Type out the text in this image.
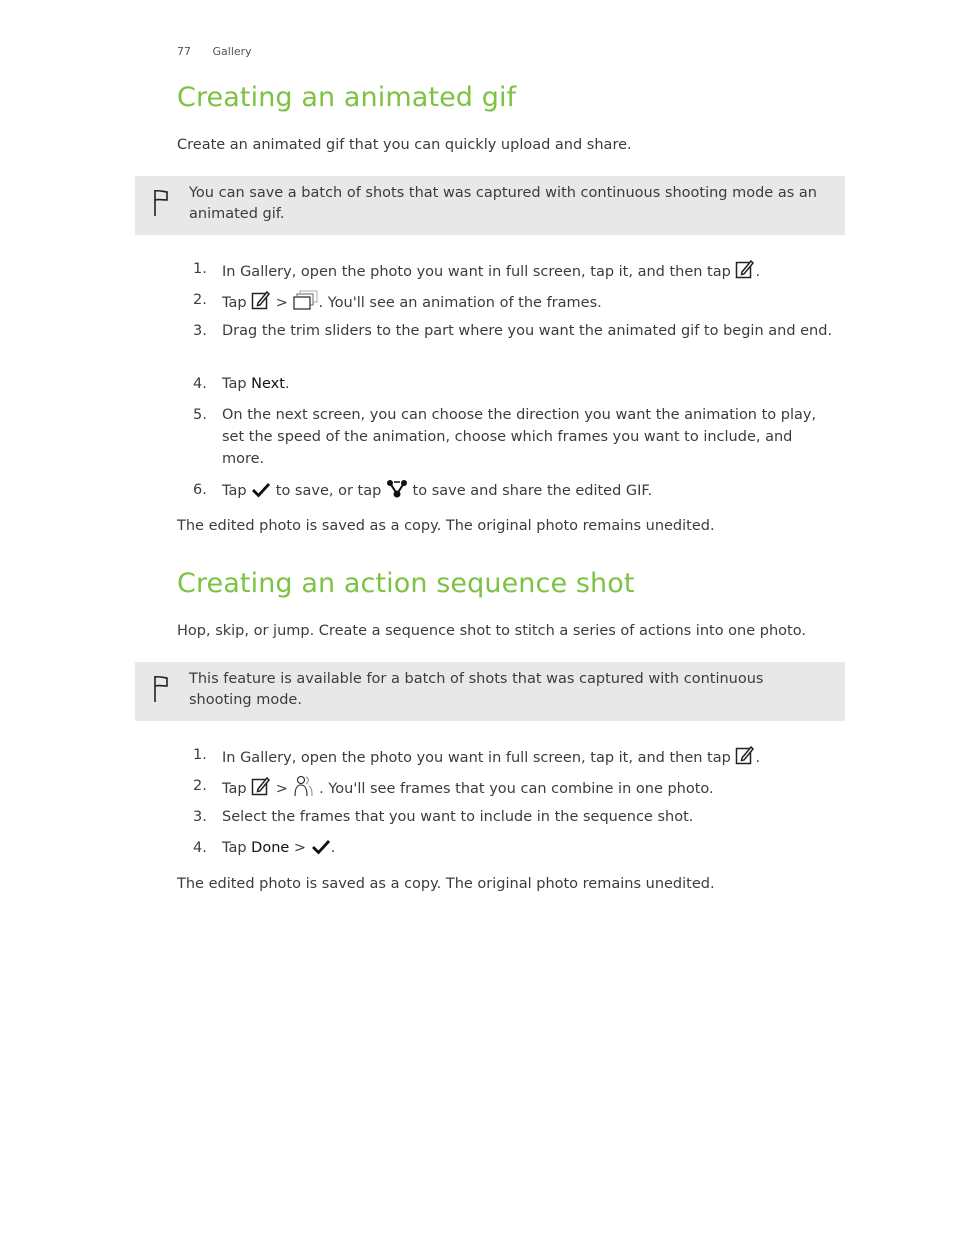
77 Gallery
Creating an animated gif

Create an animated gif that you can quickly upload and share.

You can save a batch of shots that was captured with continuous shooting mode as an animated gif.
1.	In Gallery, open the photo you want in full screen, tap it, and then tap .
2.	Tap > . You'll see an animation of the frames.
3.	Drag the trim sliders to the part where you want the animated gif to begin and end.
4.	Tap Next.
5.	On the next screen, you can choose the direction you want the animation to play, set the speed of the animation, choose which frames you want to include, and more.
6.	Tap to save, or tap to save and share the edited GIF.

The edited photo is saved as a copy. The original photo remains unedited.

Creating an action sequence shot

Hop, skip, or jump. Create a sequence shot to stitch a series of actions into one photo.

This feature is available for a batch of shots that was captured with continuous shooting mode.
1.	In Gallery, open the photo you want in full screen, tap it, and then tap .
2.	Tap > . You'll see frames that you can combine in one photo.
3.	Select the frames that you want to include in the sequence shot.
4.	Tap Done > .

The edited photo is saved as a copy. The original photo remains unedited.
